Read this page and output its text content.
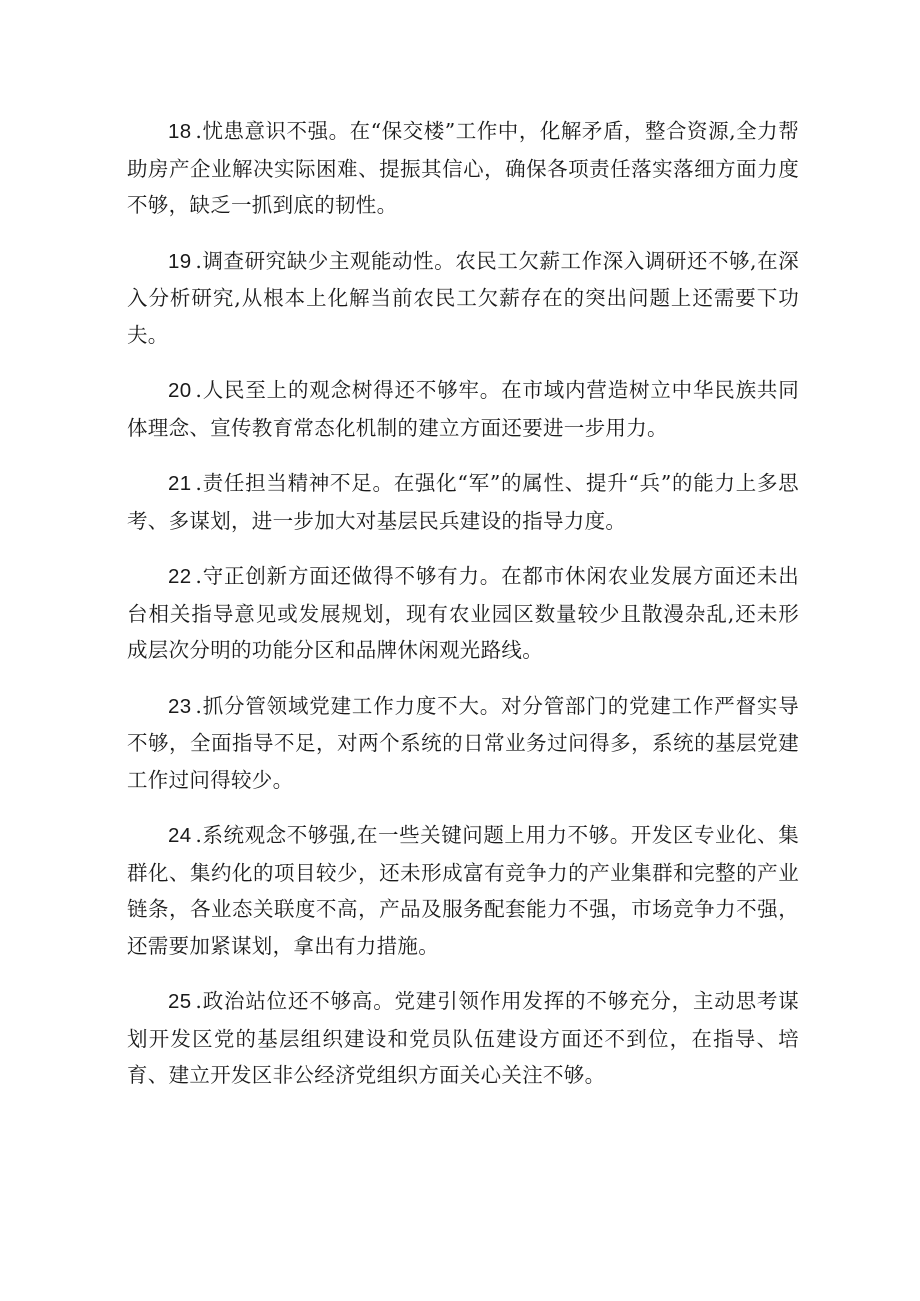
18 .忧患意识不强。在“保交楼”工作中，化解矛盾，整合资源,全力帮助房产企业解决实际困难、提振其信心，确保各项责任落实落细方面力度不够，缺乏一抓到底的韧性。

19 .调查研究缺少主观能动性。农民工欠薪工作深入调研还不够,在深入分析研究,从根本上化解当前农民工欠薪存在的突出问题上还需要下功夫。

20 .人民至上的观念树得还不够牢。在市域内营造树立中华民族共同体理念、宣传教育常态化机制的建立方面还要进一步用力。

21 .责任担当精神不足。在强化“军”的属性、提升“兵”的能力上多思考、多谋划，进一步加大对基层民兵建设的指导力度。

22 .守正创新方面还做得不够有力。在都市休闲农业发展方面还未出台相关指导意见或发展规划，现有农业园区数量较少且散漫杂乱,还未形成层次分明的功能分区和品牌休闲观光路线。

23 .抓分管领域党建工作力度不大。对分管部门的党建工作严督实导不够，全面指导不足，对两个系统的日常业务过问得多，系统的基层党建工作过问得较少。

24 .系统观念不够强,在一些关键问题上用力不够。开发区专业化、集群化、集约化的项目较少，还未形成富有竞争力的产业集群和完整的产业链条，各业态关联度不高，产品及服务配套能力不强，市场竞争力不强，还需要加紧谋划，拿出有力措施。

25 .政治站位还不够高。党建引领作用发挥的不够充分，主动思考谋划开发区党的基层组织建设和党员队伍建设方面还不到位，在指导、培育、建立开发区非公经济党组织方面关心关注不够。
